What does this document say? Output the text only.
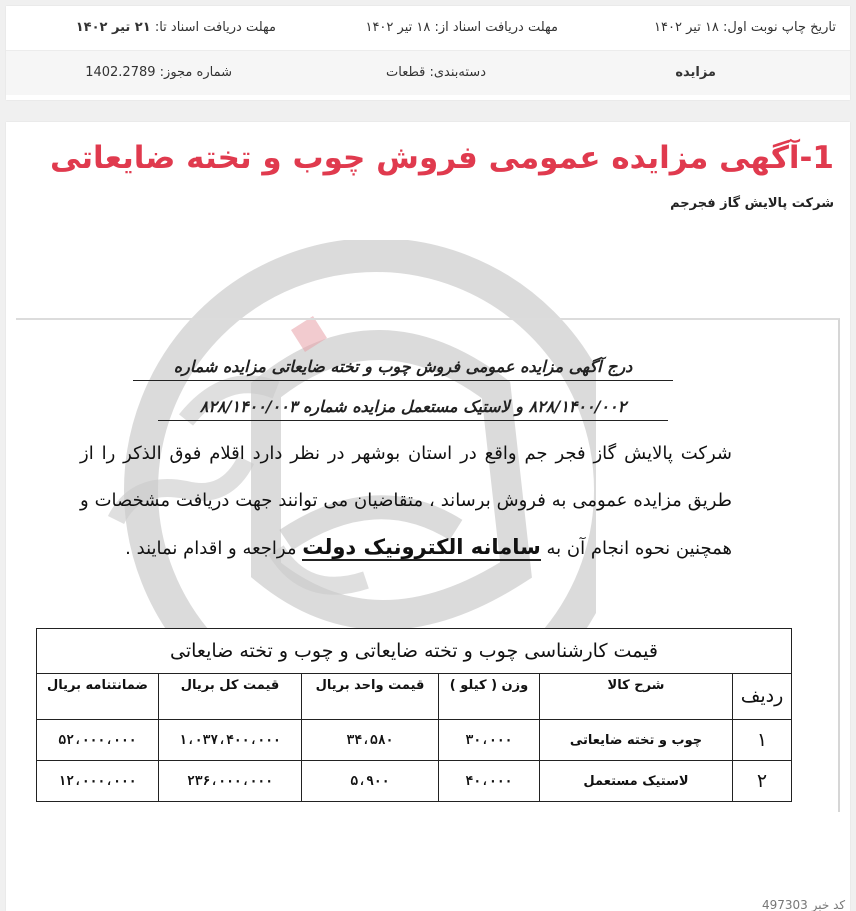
تاریخ چاپ نوبت اول: ۱۸ تیر ۱۴۰۲
مهلت دریافت اسناد از: ۱۸ تیر ۱۴۰۲
مهلت دریافت اسناد تا: ۲۱ تیر ۱۴۰۲
مزایده
دسته‌بندی: قطعات
شماره مجوز: 1402.2789
1-آگهی مزایده عمومی فروش چوب و تخته ضایعاتی
شرکت پالایش گاز فجرجم
درج آگهی مزایده عمومی فروش چوب و تخته ضایعاتی مزایده شماره
۸۲۸/۱۴۰۰/۰۰۲ و لاستیک مستعمل مزایده شماره ۸۲۸/۱۴۰۰/۰۰۳
شرکت پالایش گاز فجر جم واقع در استان بوشهر در نظر دارد اقلام فوق الذکر را از طریق مزایده عمومی به فروش برساند ، متقاضیان می توانند جهت دریافت مشخصات و همچنین نحوه انجام آن به سامانه الکترونیک دولت مراجعه و اقدام نمایند .
قیمت کارشناسی چوب و تخته ضایعاتی و چوب و تخته ضایعاتی					
ردیف	شرح کالا	وزن ( کیلو )	قیمت واحد بریال	قیمت کل بریال	ضمانتنامه بریال
۱	چوب و تخته ضایعاتی	۳۰،۰۰۰	۳۴،۵۸۰	۱،۰۳۷،۴۰۰،۰۰۰	۵۲،۰۰۰،۰۰۰
۲	لاستیک مستعمل	۴۰،۰۰۰	۵،۹۰۰	۲۳۶،۰۰۰،۰۰۰	۱۲،۰۰۰،۰۰۰
کد خبر 497303
